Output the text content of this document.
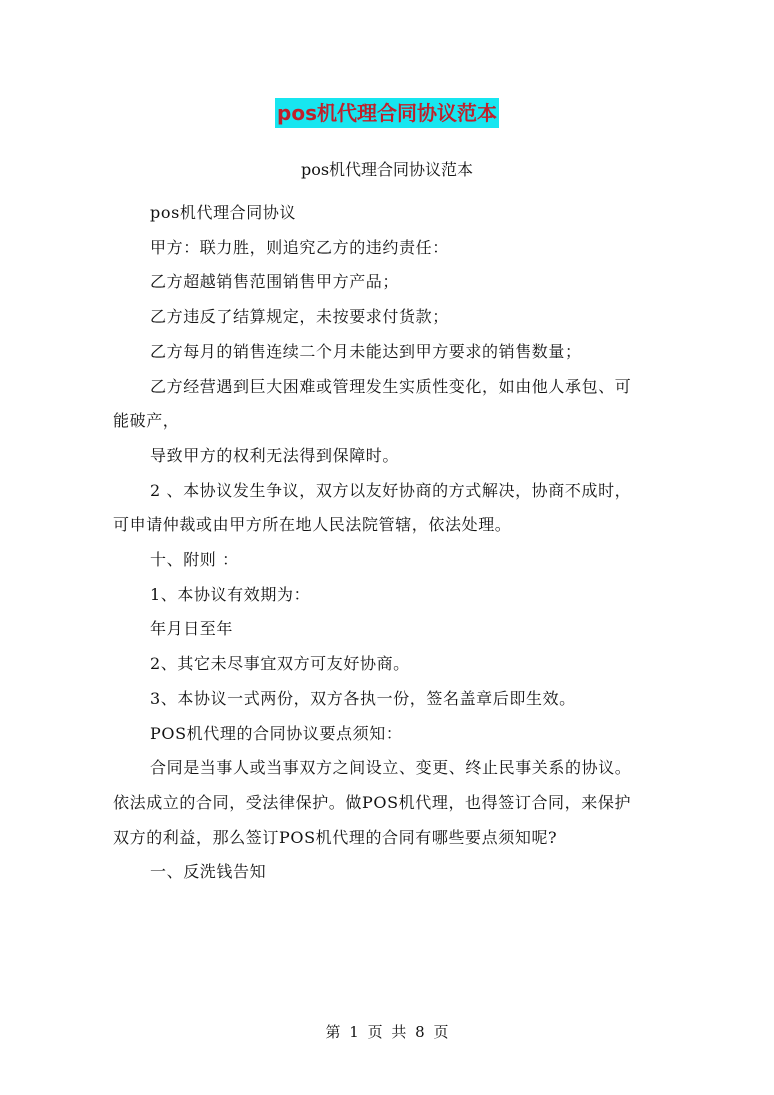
pos机代理合同协议范本
pos机代理合同协议范本

pos机代理合同协议

甲方：联力胜，则追究乙方的违约责任：

乙方超越销售范围销售甲方产品；

乙方违反了结算规定，未按要求付货款；

乙方每月的销售连续二个月未能达到甲方要求的销售数量；

乙方经营遇到巨大困难或管理发生实质性变化，如由他人承包、可能破产，

导致甲方的权利无法得到保障时。

2 、本协议发生争议，双方以友好协商的方式解决，协商不成时，可申请仲裁或由甲方所在地人民法院管辖，依法处理。

十、附则 ：

1、本协议有效期为：

年月日至年

2、其它未尽事宜双方可友好协商。

3、本协议一式两份，双方各执一份，签名盖章后即生效。

POS机代理的合同协议要点须知：

合同是当事人或当事双方之间设立、变更、终止民事关系的协议。依法成立的合同，受法律保护。做POS机代理，也得签订合同，来保护双方的利益，那么签订POS机代理的合同有哪些要点须知呢?

一、反洗钱告知

第 1 页 共 8 页
